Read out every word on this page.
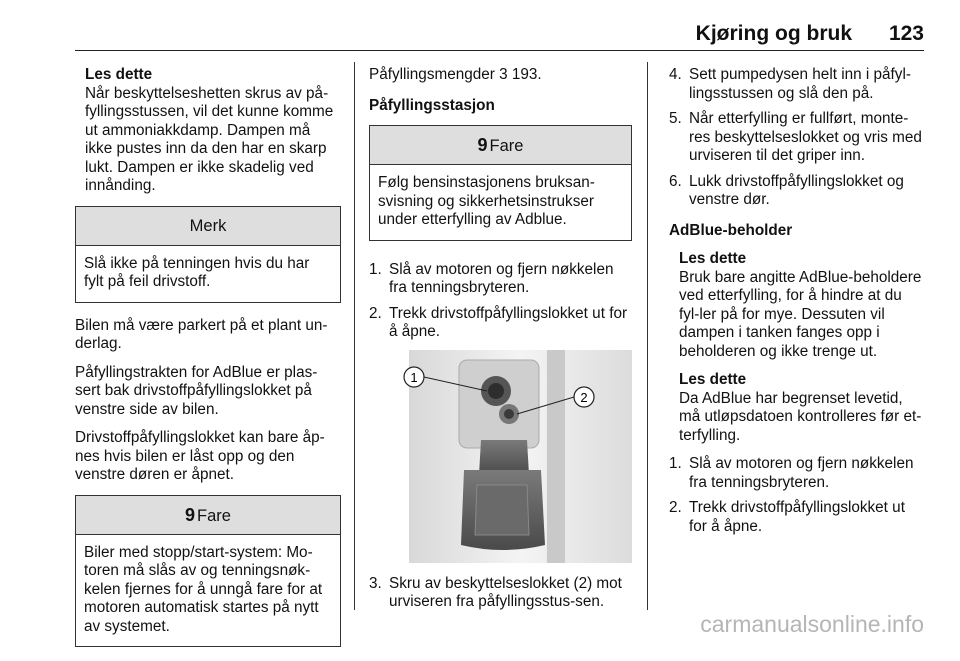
Kjøring og bruk 123

Les dette
Når beskyttelseshetten skrus av på-fyllingsstussen, vil det kunne komme ut ammoniakkdamp. Dampen må ikke pustes inn da den har en skarp lukt. Dampen er ikke skadelig ved innånding.

Merk
Slå ikke på tenningen hvis du har fylt på feil drivstoff.

Bilen må være parkert på et plant un-derlag.

Påfyllingstrakten for AdBlue er plas-sert bak drivstoffpåfyllingslokket på venstre side av bilen.

Drivstoffpåfyllingslokket kan bare åp-nes hvis bilen er låst opp og den venstre døren er åpnet.

9 Fare
Biler med stopp/start-system: Mo-toren må slås av og tenningsnøk-kelen fjernes for å unngå fare for at motoren automatisk startes på nytt av systemet.

Påfyllingsmengder 3 193.

Påfyllingsstasjon

9 Fare
Følg bensinstasjonens bruksan-svisning og sikkerhetsinstrukser under etterfylling av Adblue.
1. Slå av motoren og fjern nøkkelen fra tenningsbryteren.
2. Trekk drivstoffpåfyllingslokket ut for å åpne.
1
2
3. Skru av beskyttelseslokket (2) mot urviseren fra påfyllingsstus-sen.
4. Sett pumpedysen helt inn i påfyl-lingsstussen og slå den på.
5. Når etterfylling er fullført, monte-res beskyttelseslokket og vris med urviseren til det griper inn.
6. Lukk drivstoffpåfyllingslokket og venstre dør.

AdBlue-beholder

Les dette
Bruk bare angitte AdBlue-beholdere ved etterfylling, for å hindre at du fyl-ler på for mye. Dessuten vil dampen i tanken fanges opp i beholderen og ikke trenge ut.

Les dette
Da AdBlue har begrenset levetid, må utløpsdatoen kontrolleres før et-terfylling.

1. Slå av motoren og fjern nøkkelen fra tenningsbryteren.
2. Trekk drivstoffpåfyllingslokket ut for å åpne.
carmanualsonline.info
